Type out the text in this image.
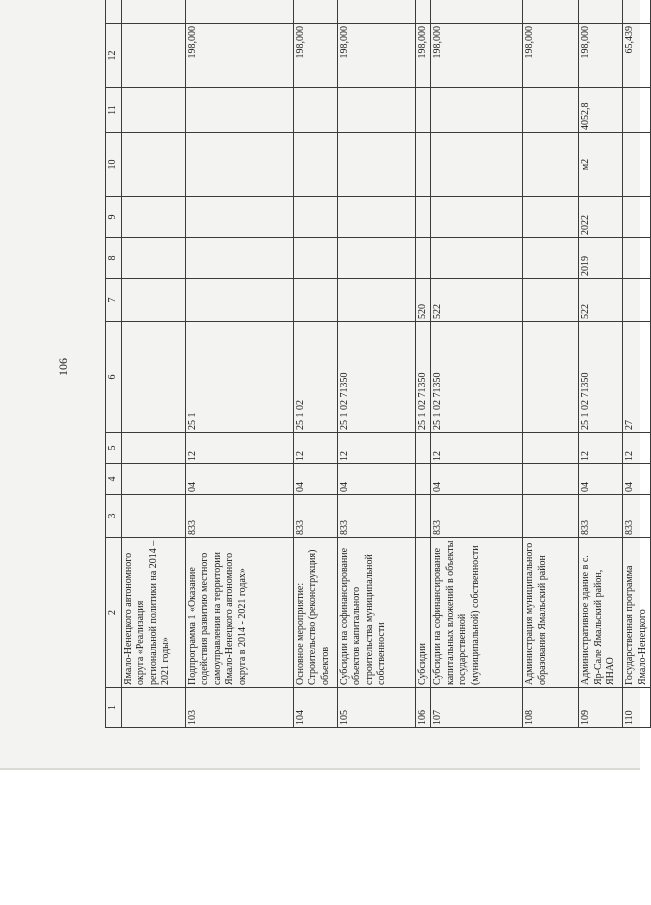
106
1	2	3	4	5	6	7	8	9	10	11	12	
	Ямало-Ненецкого автономного округа «Реализация региональной политики на 2014 – 2021 годы»											
103	Подпрограмма 1 «Оказание содействия развитию местного самоуправления на территории Ямало-Ненецкого автономного округа в 2014 - 2021 годах»	833	04	12	25 1						198,000	
104	Основное мероприятие: Строительство (реконструкция) объектов	833	04	12	25 1 02						198,000	
105	Субсидии на софинансирование объектов капитального строительства муниципальной собственности	833	04	12	25 1 02 71350						198,000	
106	Субсидии				25 1 02 71350	520					198,000	
107	Субсидии на софинансирование капитальных вложений в объекты государственной (муниципальной) собственности	833	04	12	25 1 02 71350	522					198,000	
108	Администрация муниципального образования Ямальский район										198,000	
109	Административное здание в с. Яр-Сале Ямальский район, ЯНАО	833	04	12	25 1 02 71350	522	2019	2022	м2	4052,8	198,000	
110	Государственная программа Ямало-Ненецкого	833	04	12	27						65,439	
